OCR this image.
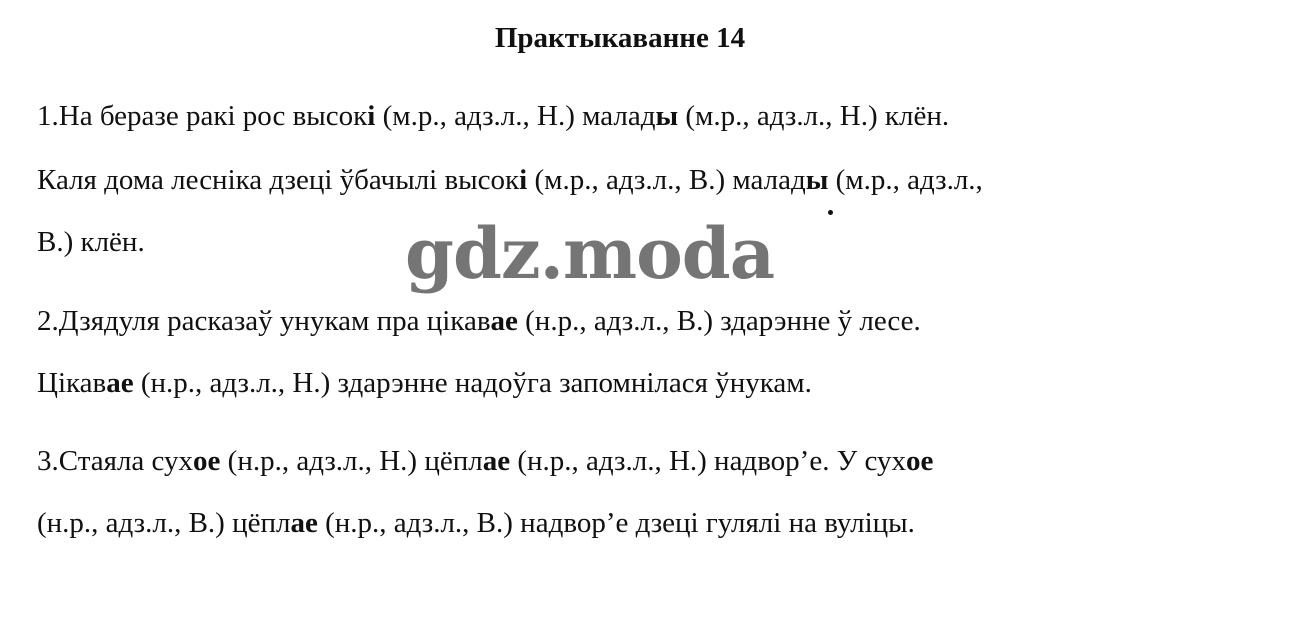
Практыкаванне 14
1.На беразе ракі рос высокі (м.р., адз.л., Н.) малады (м.р., адз.л., Н.) клён.
Каля дома лесніка дзеці ўбачылі высокі (м.р., адз.л., В.) малады (м.р., адз.л.,
В.) клён.
2.Дзядуля расказаў унукам пра цікавае (н.р., адз.л., В.) здарэнне ў лесе.
Цікавае (н.р., адз.л., Н.) здарэнне надоўга запомнілася ўнукам.
3.Стаяла сухое (н.р., адз.л., Н.) цёплае (н.р., адз.л., Н.) надвор’е. У сухое
(н.р., адз.л., В.) цёплае (н.р., адз.л., В.) надвор’е дзеці гулялі на вуліцы.
gdz.moda
